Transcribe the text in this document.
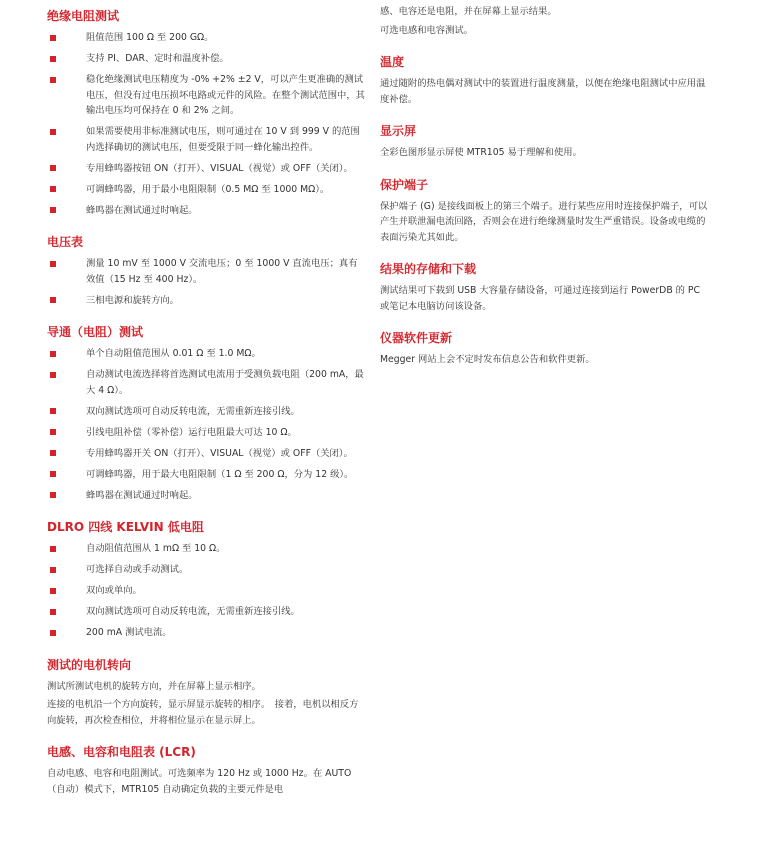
绝缘电阻测试
阻值范围 100 Ω 至 200 GΩ。
支持 PI、DAR、定时和温度补偿。
稳化绝缘测试电压精度为 -0% +2% ±2 V，可以产生更准确的测试电压，但没有过电压损坏电路或元件的风险。在整个测试范围中，其输出电压均可保持在 0 和 2% 之间。
如果需要使用非标准测试电压，则可通过在 10 V 到 999 V 的范围内选择确切的测试电压，但要受限于同一蜂化输出控件。
专用蜂鸣器按钮 ON（打开）、VISUAL（视觉）或 OFF（关闭）。
可调蜂鸣器，用于最小电阻限制（0.5 MΩ 至 1000 MΩ）。
蜂鸣器在测试通过时响起。
电压表
测量 10 mV 至 1000 V 交流电压；0 至 1000 V 直流电压；真有效值（15 Hz 至 400 Hz）。
三相电源和旋转方向。
导通（电阻）测试
单个自动阻值范围从 0.01 Ω 至 1.0 MΩ。
自动测试电流选择将首选测试电流用于受测负载电阻（200 mA，最大 4 Ω）。
双向测试选项可自动反转电流，无需重新连接引线。
引线电阻补偿（零补偿）运行电阻最大可达 10 Ω。
专用蜂鸣器开关 ON（打开）、VISUAL（视觉）或 OFF（关闭）。
可调蜂鸣器，用于最大电阻限制（1 Ω 至 200 Ω，分为 12 级）。
蜂鸣器在测试通过时响起。
DLRO 四线 KELVIN 低电阻
自动阻值范围从 1 mΩ 至 10 Ω。
可选择自动或手动测试。
双向或单向。
双向测试选项可自动反转电流，无需重新连接引线。
200 mA 测试电流。
测试的电机转向

测试所测试电机的旋转方向，并在屏幕上显示相序。

连接的电机沿一个方向旋转，显示屏显示旋转的相序。　接着，电机以相反方向旋转，再次检查相位，并将相位显示在显示屏上。

电感、电容和电阻表 (LCR)

自动电感、电容和电阻测试。可选频率为 120 Hz 或 1000 Hz。在 AUTO（自动）模式下，MTR105 自动确定负载的主要元件是电

感、电容还是电阻，并在屏幕上显示结果。

可选电感和电容测试。

温度

通过随附的热电偶对测试中的装置进行温度测量，以便在绝缘电阻测试中应用温度补偿。

显示屏

全彩色图形显示屏使 MTR105 易于理解和使用。

保护端子

保护端子 (G) 是接线面板上的第三个端子。进行某些应用时连接保护端子，可以产生并联泄漏电流回路，否则会在进行绝缘测量时发生严重错误。设备或电缆的表面污染尤其如此。

结果的存储和下载

测试结果可下载到 USB 大容量存储设备，可通过连接到运行 PowerDB 的 PC 或笔记本电脑访问该设备。

仪器软件更新

Megger 网站上会不定时发布信息公告和软件更新。
